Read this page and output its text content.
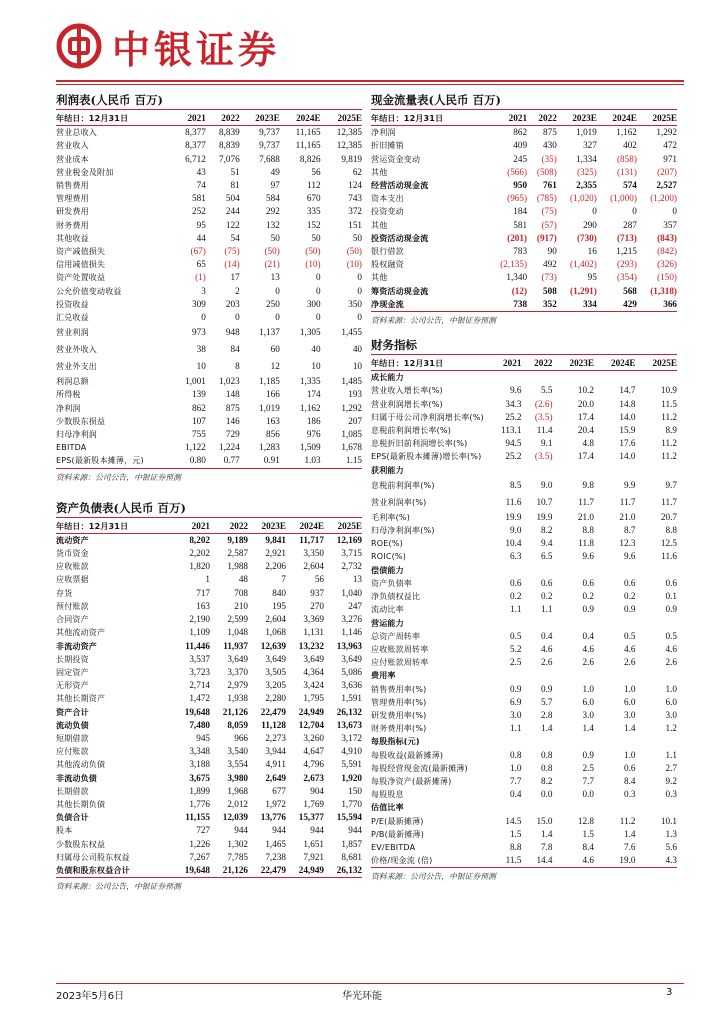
中银证券
利润表(人民币 百万)
年结日：12月31日	2021	2022	2023E	2024E	2025E
营业总收入	8,377	8,839	9,737	11,165	12,385
营业收入	8,377	8,839	9,737	11,165	12,385
营业成本	6,712	7,076	7,688	8,826	9,819
营业税金及附加	43	51	49	56	62
销售费用	74	81	97	112	124
管理费用	581	504	584	670	743
研发费用	252	244	292	335	372
财务费用	95	122	132	152	151
其他收益	44	54	50	50	50
资产减值损失	(67)	(75)	(50)	(50)	(50)
信用减值损失	65	(14)	(21)	(10)	(10)
资产处置收益	(1)	17	13	0	0
公允价值变动收益	3	2	0	0	0
投资收益	309	203	250	300	350
汇兑收益	0	0	0	0	0
营业利润	973	948	1,137	1,305	1,455
营业外收入	38	84	60	40	40
营业外支出	10	8	12	10	10
利润总额	1,001	1,023	1,185	1,335	1,485
所得税	139	148	166	174	193
净利润	862	875	1,019	1,162	1,292
少数股东损益	107	146	163	186	207
归母净利润	755	729	856	976	1,085
EBITDA	1,122	1,224	1,283	1,509	1,678
EPS(最新股本摊薄，元)	0.80	0.77	0.91	1.03	1.15
资料来源：公司公告，中银证券预测
资产负债表(人民币 百万)
年结日：12月31日	2021	2022	2023E	2024E	2025E
流动资产	8,202	9,189	9,841	11,717	12,169
货币资金	2,202	2,587	2,921	3,350	3,715
应收账款	1,820	1,988	2,206	2,604	2,732
应收票据	1	48	7	56	13
存货	717	708	840	937	1,040
预付账款	163	210	195	270	247
合同资产	2,190	2,599	2,604	3,369	3,276
其他流动资产	1,109	1,048	1,068	1,131	1,146
非流动资产	11,446	11,937	12,639	13,232	13,963
长期投资	3,537	3,649	3,649	3,649	3,649
固定资产	3,723	3,370	3,505	4,364	5,086
无形资产	2,714	2,979	3,205	3,424	3,636
其他长期资产	1,472	1,938	2,280	1,795	1,591
资产合计	19,648	21,126	22,479	24,949	26,132
流动负债	7,480	8,059	11,128	12,704	13,673
短期借款	945	966	2,273	3,260	3,172
应付账款	3,348	3,540	3,944	4,647	4,910
其他流动负债	3,188	3,554	4,911	4,796	5,591
非流动负债	3,675	3,980	2,649	2,673	1,920
长期借款	1,899	1,968	677	904	150
其他长期负债	1,776	2,012	1,972	1,769	1,770
负债合计	11,155	12,039	13,776	15,377	15,594
股本	727	944	944	944	944
少数股东权益	1,226	1,302	1,465	1,651	1,857
归属母公司股东权益	7,267	7,785	7,238	7,921	8,681
负债和股东权益合计	19,648	21,126	22,479	24,949	26,132
资料来源：公司公告，中银证券预测
现金流量表(人民币 百万)
年结日：12月31日	2021	2022	2023E	2024E	2025E
净利润	862	875	1,019	1,162	1,292
折旧摊销	409	430	327	402	472
营运资金变动	245	(35)	1,334	(858)	971
其他	(566)	(508)	(325)	(131)	(207)
经营活动现金流	950	761	2,355	574	2,527
资本支出	(965)	(785)	(1,020)	(1,000)	(1,200)
投资变动	184	(75)	0	0	0
其他	581	(57)	290	287	357
投资活动现金流	(201)	(917)	(730)	(713)	(843)
银行借款	783	90	16	1,215	(842)
股权融资	(2,135)	492	(1,402)	(293)	(326)
其他	1,340	(73)	95	(354)	(150)
筹资活动现金流	(12)	508	(1,291)	568	(1,318)
净现金流	738	352	334	429	366
资料来源：公司公告，中银证券预测
财务指标
年结日：12月31日	2021	2022	2023E	2024E	2025E
成长能力					
营业收入增长率(%)	9.6	5.5	10.2	14.7	10.9
营业利润增长率(%)	34.3	(2.6)	20.0	14.8	11.5
归属于母公司净利润增长率(%)	25.2	(3.5)	17.4	14.0	11.2
息税前利润增长率(%)	113.1	11.4	20.4	15.9	8.9
息税折旧前利润增长率(%)	94.5	9.1	4.8	17.6	11.2
EPS(最新股本摊薄)增长率(%)	25.2	(3.5)	17.4	14.0	11.2
获利能力					
息税前利润率(%)	8.5	9.0	9.8	9.9	9.7
营业利润率(%)	11.6	10.7	11.7	11.7	11.7
毛利率(%)	19.9	19.9	21.0	21.0	20.7
归母净利润率(%)	9.0	8.2	8.8	8.7	8.8
ROE(%)	10.4	9.4	11.8	12.3	12.5
ROIC(%)	6.3	6.5	9.6	9.6	11.6
偿债能力					
资产负债率	0.6	0.6	0.6	0.6	0.6
净负债权益比	0.2	0.2	0.2	0.2	0.1
流动比率	1.1	1.1	0.9	0.9	0.9
营运能力					
总资产周转率	0.5	0.4	0.4	0.5	0.5
应收账款周转率	5.2	4.6	4.6	4.6	4.6
应付账款周转率	2.5	2.6	2.6	2.6	2.6
费用率					
销售费用率(%)	0.9	0.9	1.0	1.0	1.0
管理费用率(%)	6.9	5.7	6.0	6.0	6.0
研发费用率(%)	3.0	2.8	3.0	3.0	3.0
财务费用率(%)	1.1	1.4	1.4	1.4	1.2
每股指标(元)					
每股收益(最新摊薄)	0.8	0.8	0.9	1.0	1.1
每股经营现金流(最新摊薄)	1.0	0.8	2.5	0.6	2.7
每股净资产(最新摊薄)	7.7	8.2	7.7	8.4	9.2
每股股息	0.4	0.0	0.0	0.3	0.3
估值比率					
P/E(最新摊薄)	14.5	15.0	12.8	11.2	10.1
P/B(最新摊薄)	1.5	1.4	1.5	1.4	1.3
EV/EBITDA	8.8	7.8	8.4	7.6	5.6
价格/现金流 (倍)	11.5	14.4	4.6	19.0	4.3
资料来源：公司公告，中银证券预测
2023年5月6日	华光环能	3
